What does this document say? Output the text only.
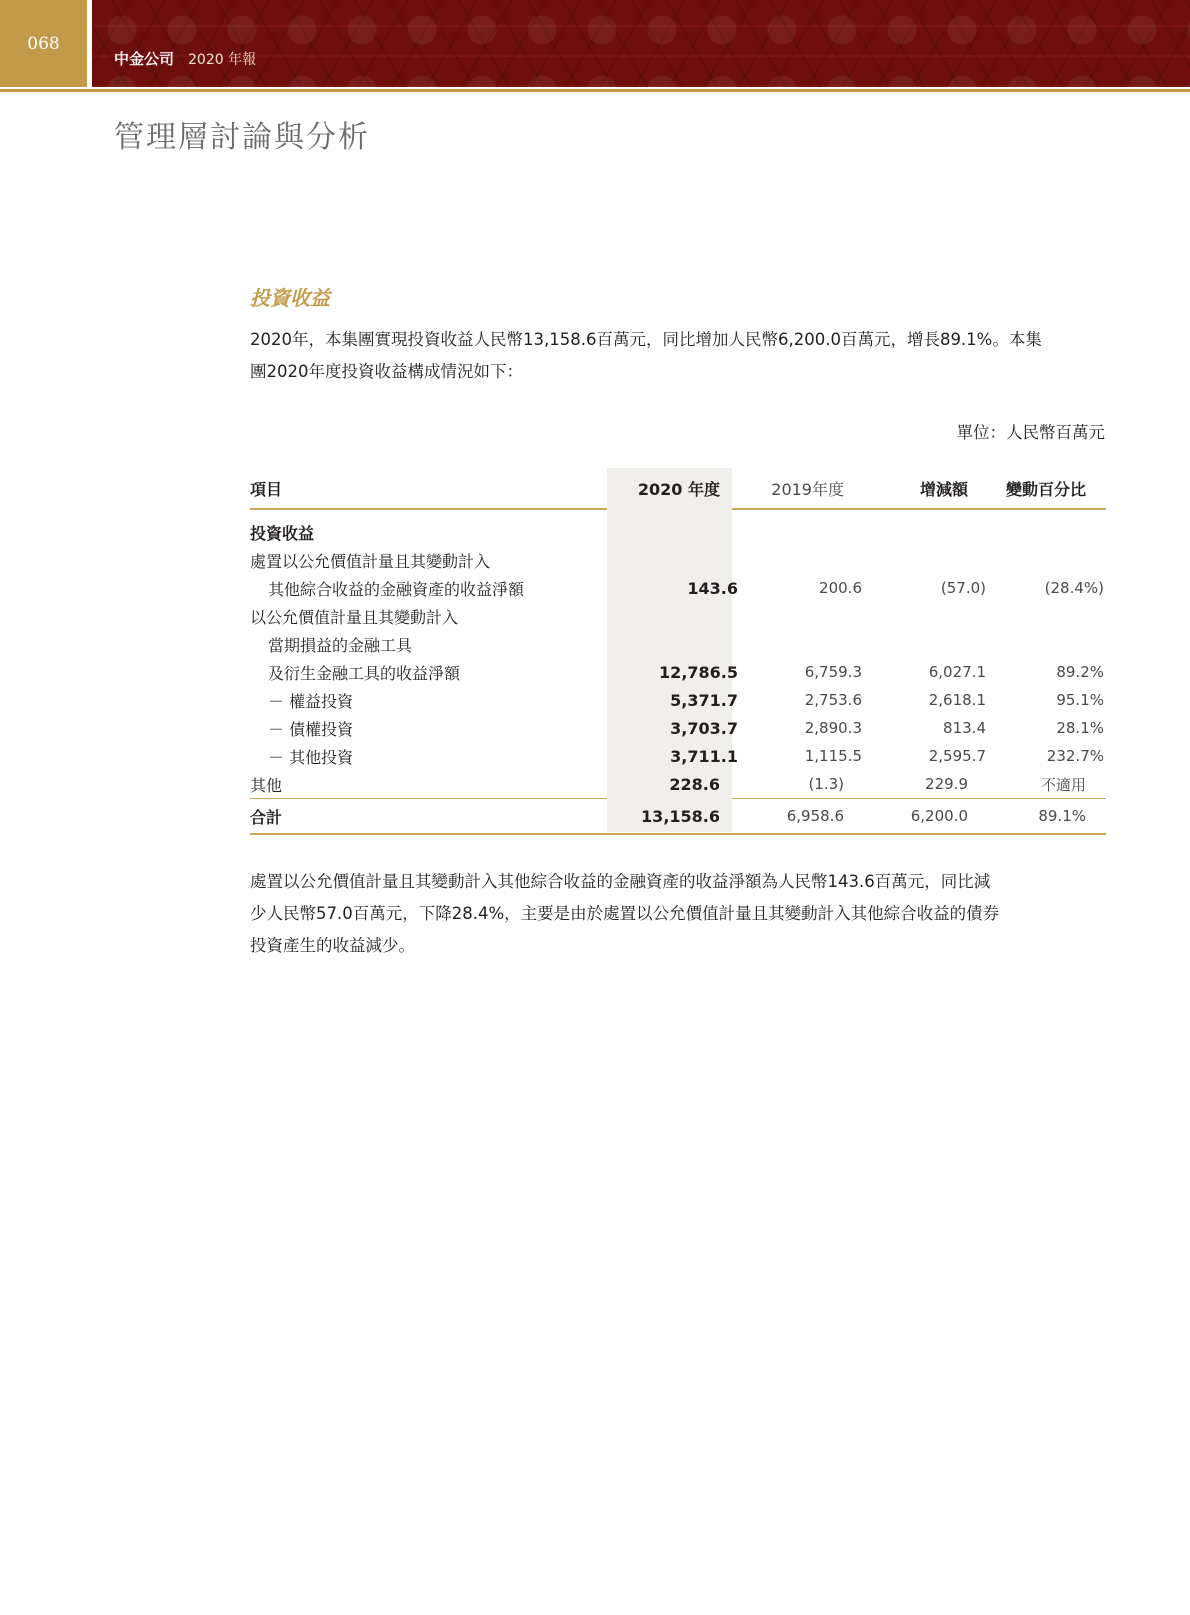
068
中金公司 2020 年報
管理層討論與分析
投資收益
2020年，本集團實現投資收益人民幣13,158.6百萬元，同比增加人民幣6,200.0百萬元，增長89.1%。本集
團2020年度投資收益構成情況如下：
單位：人民幣百萬元
項目	2020 年度	2019年度	增減額	變動百分比
投資收益
處置以公允價值計量且其變動計入
其他綜合收益的金融資產的收益淨額	143.6	200.6	(57.0)	(28.4%)
以公允價值計量且其變動計入
當期損益的金融工具
及衍生金融工具的收益淨額	12,786.5	6,759.3	6,027.1	89.2%
－ 權益投資	5,371.7	2,753.6	2,618.1	95.1%
－ 債權投資	3,703.7	2,890.3	813.4	28.1%
－ 其他投資	3,711.1	1,115.5	2,595.7	232.7%
其他	228.6	(1.3)	229.9	不適用
合計	13,158.6	6,958.6	6,200.0	89.1%
處置以公允價值計量且其變動計入其他綜合收益的金融資產的收益淨額為人民幣143.6百萬元，同比減
少人民幣57.0百萬元，下降28.4%，主要是由於處置以公允價值計量且其變動計入其他綜合收益的債券
投資產生的收益減少。
